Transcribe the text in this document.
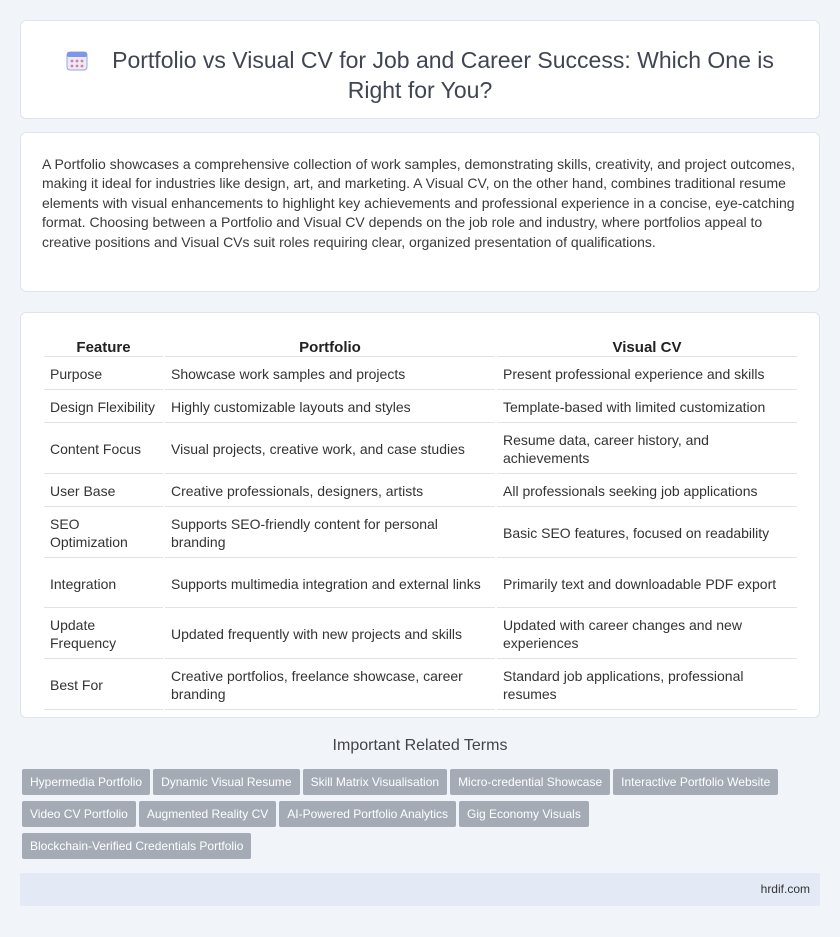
Portfolio vs Visual CV for Job and Career Success: Which One is Right for You?

A Portfolio showcases a comprehensive collection of work samples, demonstrating skills, creativity, and project outcomes, making it ideal for industries like design, art, and marketing. A Visual CV, on the other hand, combines traditional resume elements with visual enhancements to highlight key achievements and professional experience in a concise, eye-catching format. Choosing between a Portfolio and Visual CV depends on the job role and industry, where portfolios appeal to creative positions and Visual CVs suit roles requiring clear, organized presentation of qualifications.

Feature	Portfolio	Visual CV
Purpose	Showcase work samples and projects	Present professional experience and skills
Design Flexibility	Highly customizable layouts and styles	Template-based with limited customization
Content Focus	Visual projects, creative work, and case studies	Resume data, career history, and achievements
User Base	Creative professionals, designers, artists	All professionals seeking job applications
SEO Optimization	Supports SEO-friendly content for personal branding	Basic SEO features, focused on readability
Integration	Supports multimedia integration and external links	Primarily text and downloadable PDF export
Update Frequency	Updated frequently with new projects and skills	Updated with career changes and new experiences
Best For	Creative portfolios, freelance showcase, career branding	Standard job applications, professional resumes
Important Related Terms
Hypermedia Portfolio Dynamic Visual Resume Skill Matrix Visualisation Micro-credential Showcase Interactive Portfolio Website
Video CV Portfolio Augmented Reality CV AI-Powered Portfolio Analytics Gig Economy Visuals
Blockchain-Verified Credentials Portfolio
hrdif.com
